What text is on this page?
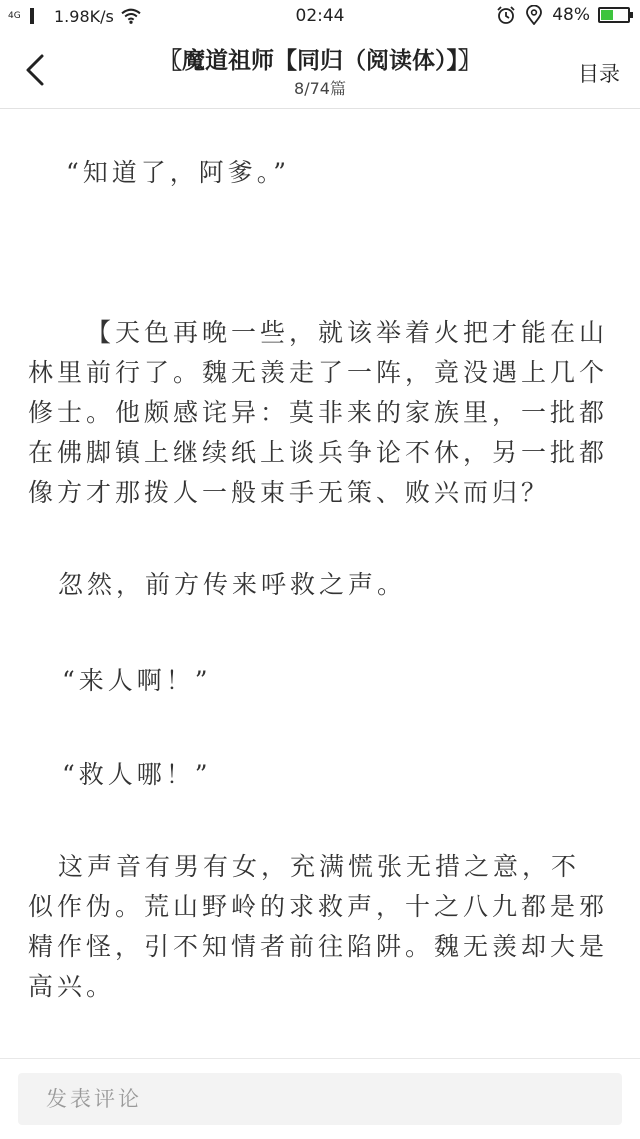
4G 1.98K/s	02:44	48%
〖魔道祖师【同归（阅读体）】〗
8/74篇
目录
“知道了，阿爹。”
【天色再晚一些，就该举着火把才能在山林里前行了。魏无羡走了一阵，竟没遇上几个修士。他颇感诧异：莫非来的家族里，一批都在佛脚镇上继续纸上谈兵争论不休，另一批都像方才那拨人一般束手无策、败兴而归？
忽然，前方传来呼救之声。
“来人啊！”
“救人哪！”
这声音有男有女，充满慌张无措之意，不似作伪。荒山野岭的求救声，十之八九都是邪精作怪，引不知情者前往陷阱。魏无羡却大是高兴。
发表评论
